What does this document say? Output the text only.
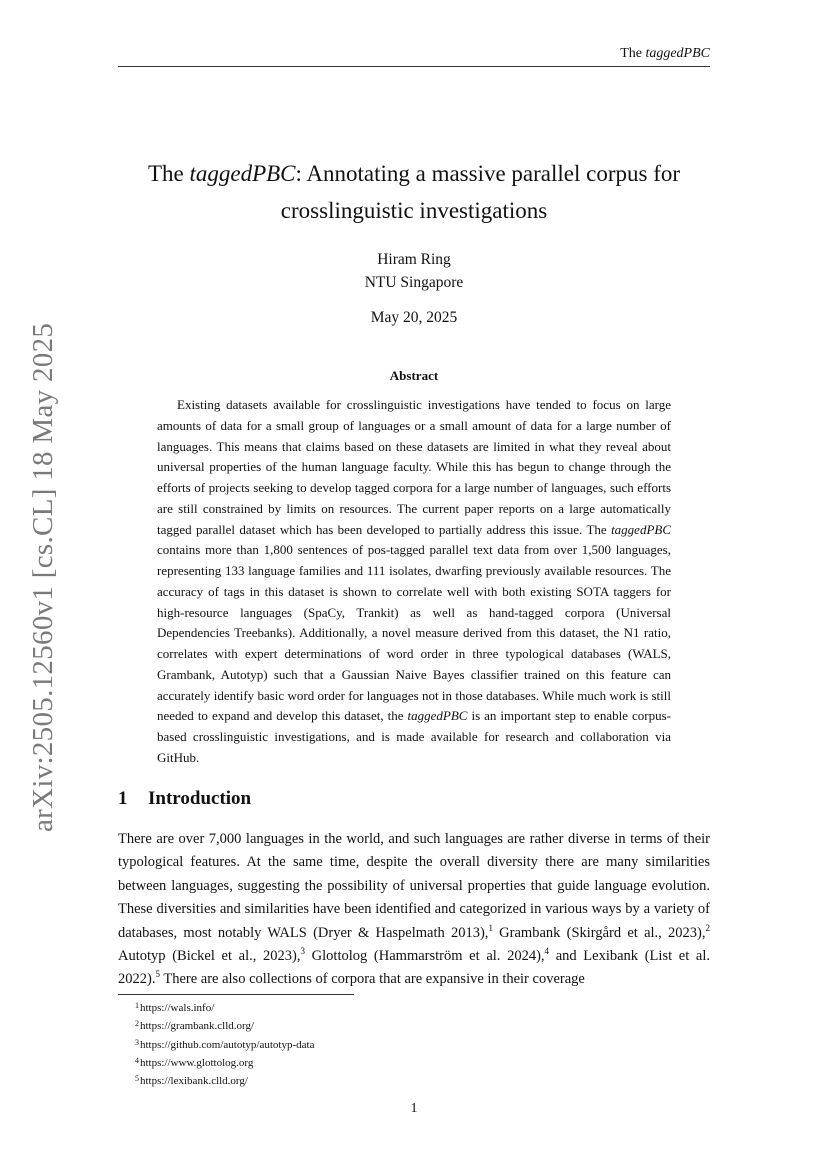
The taggedPBC
arXiv:2505.12560v1 [cs.CL] 18 May 2025
The taggedPBC: Annotating a massive parallel corpus for
crosslinguistic investigations
Hiram Ring
NTU Singapore
May 20, 2025
Abstract
Existing datasets available for crosslinguistic investigations have tended to focus on large amounts of data for a small group of languages or a small amount of data for a large number of languages. This means that claims based on these datasets are limited in what they reveal about universal properties of the human language faculty. While this has begun to change through the efforts of projects seeking to develop tagged corpora for a large number of languages, such efforts are still constrained by limits on resources. The current paper reports on a large automatically tagged parallel dataset which has been developed to partially address this issue. The taggedPBC contains more than 1,800 sentences of pos-tagged parallel text data from over 1,500 languages, representing 133 language families and 111 isolates, dwarfing previously available resources. The accuracy of tags in this dataset is shown to correlate well with both existing SOTA taggers for high-resource languages (SpaCy, Trankit) as well as hand-tagged corpora (Universal Dependencies Treebanks). Additionally, a novel measure derived from this dataset, the N1 ratio, correlates with expert determinations of word order in three typological databases (WALS, Grambank, Autotyp) such that a Gaussian Naive Bayes classifier trained on this feature can accurately identify basic word order for languages not in those databases. While much work is still needed to expand and develop this dataset, the taggedPBC is an important step to enable corpus-based crosslinguistic investigations, and is made available for research and collaboration via GitHub.
1 Introduction
There are over 7,000 languages in the world, and such languages are rather diverse in terms of their typological features. At the same time, despite the overall diversity there are many similarities between languages, suggesting the possibility of universal properties that guide language evolution. These diversities and similarities have been identified and categorized in various ways by a variety of databases, most notably WALS (Dryer & Haspelmath 2013),$^1$ Grambank (Skirgård et al., 2023),$^2$ Autotyp (Bickel et al., 2023),$^3$ Glottolog (Hammarström et al. 2024),$^4$ and Lexibank (List et al. 2022).$^5$ There are also collections of corpora that are expansive in their coverage
$^1$https://wals.info/
$^2$https://grambank.clld.org/
$^3$https://github.com/autotyp/autotyp-data
$^4$https://www.glottolog.org
$^5$https://lexibank.clld.org/
1
